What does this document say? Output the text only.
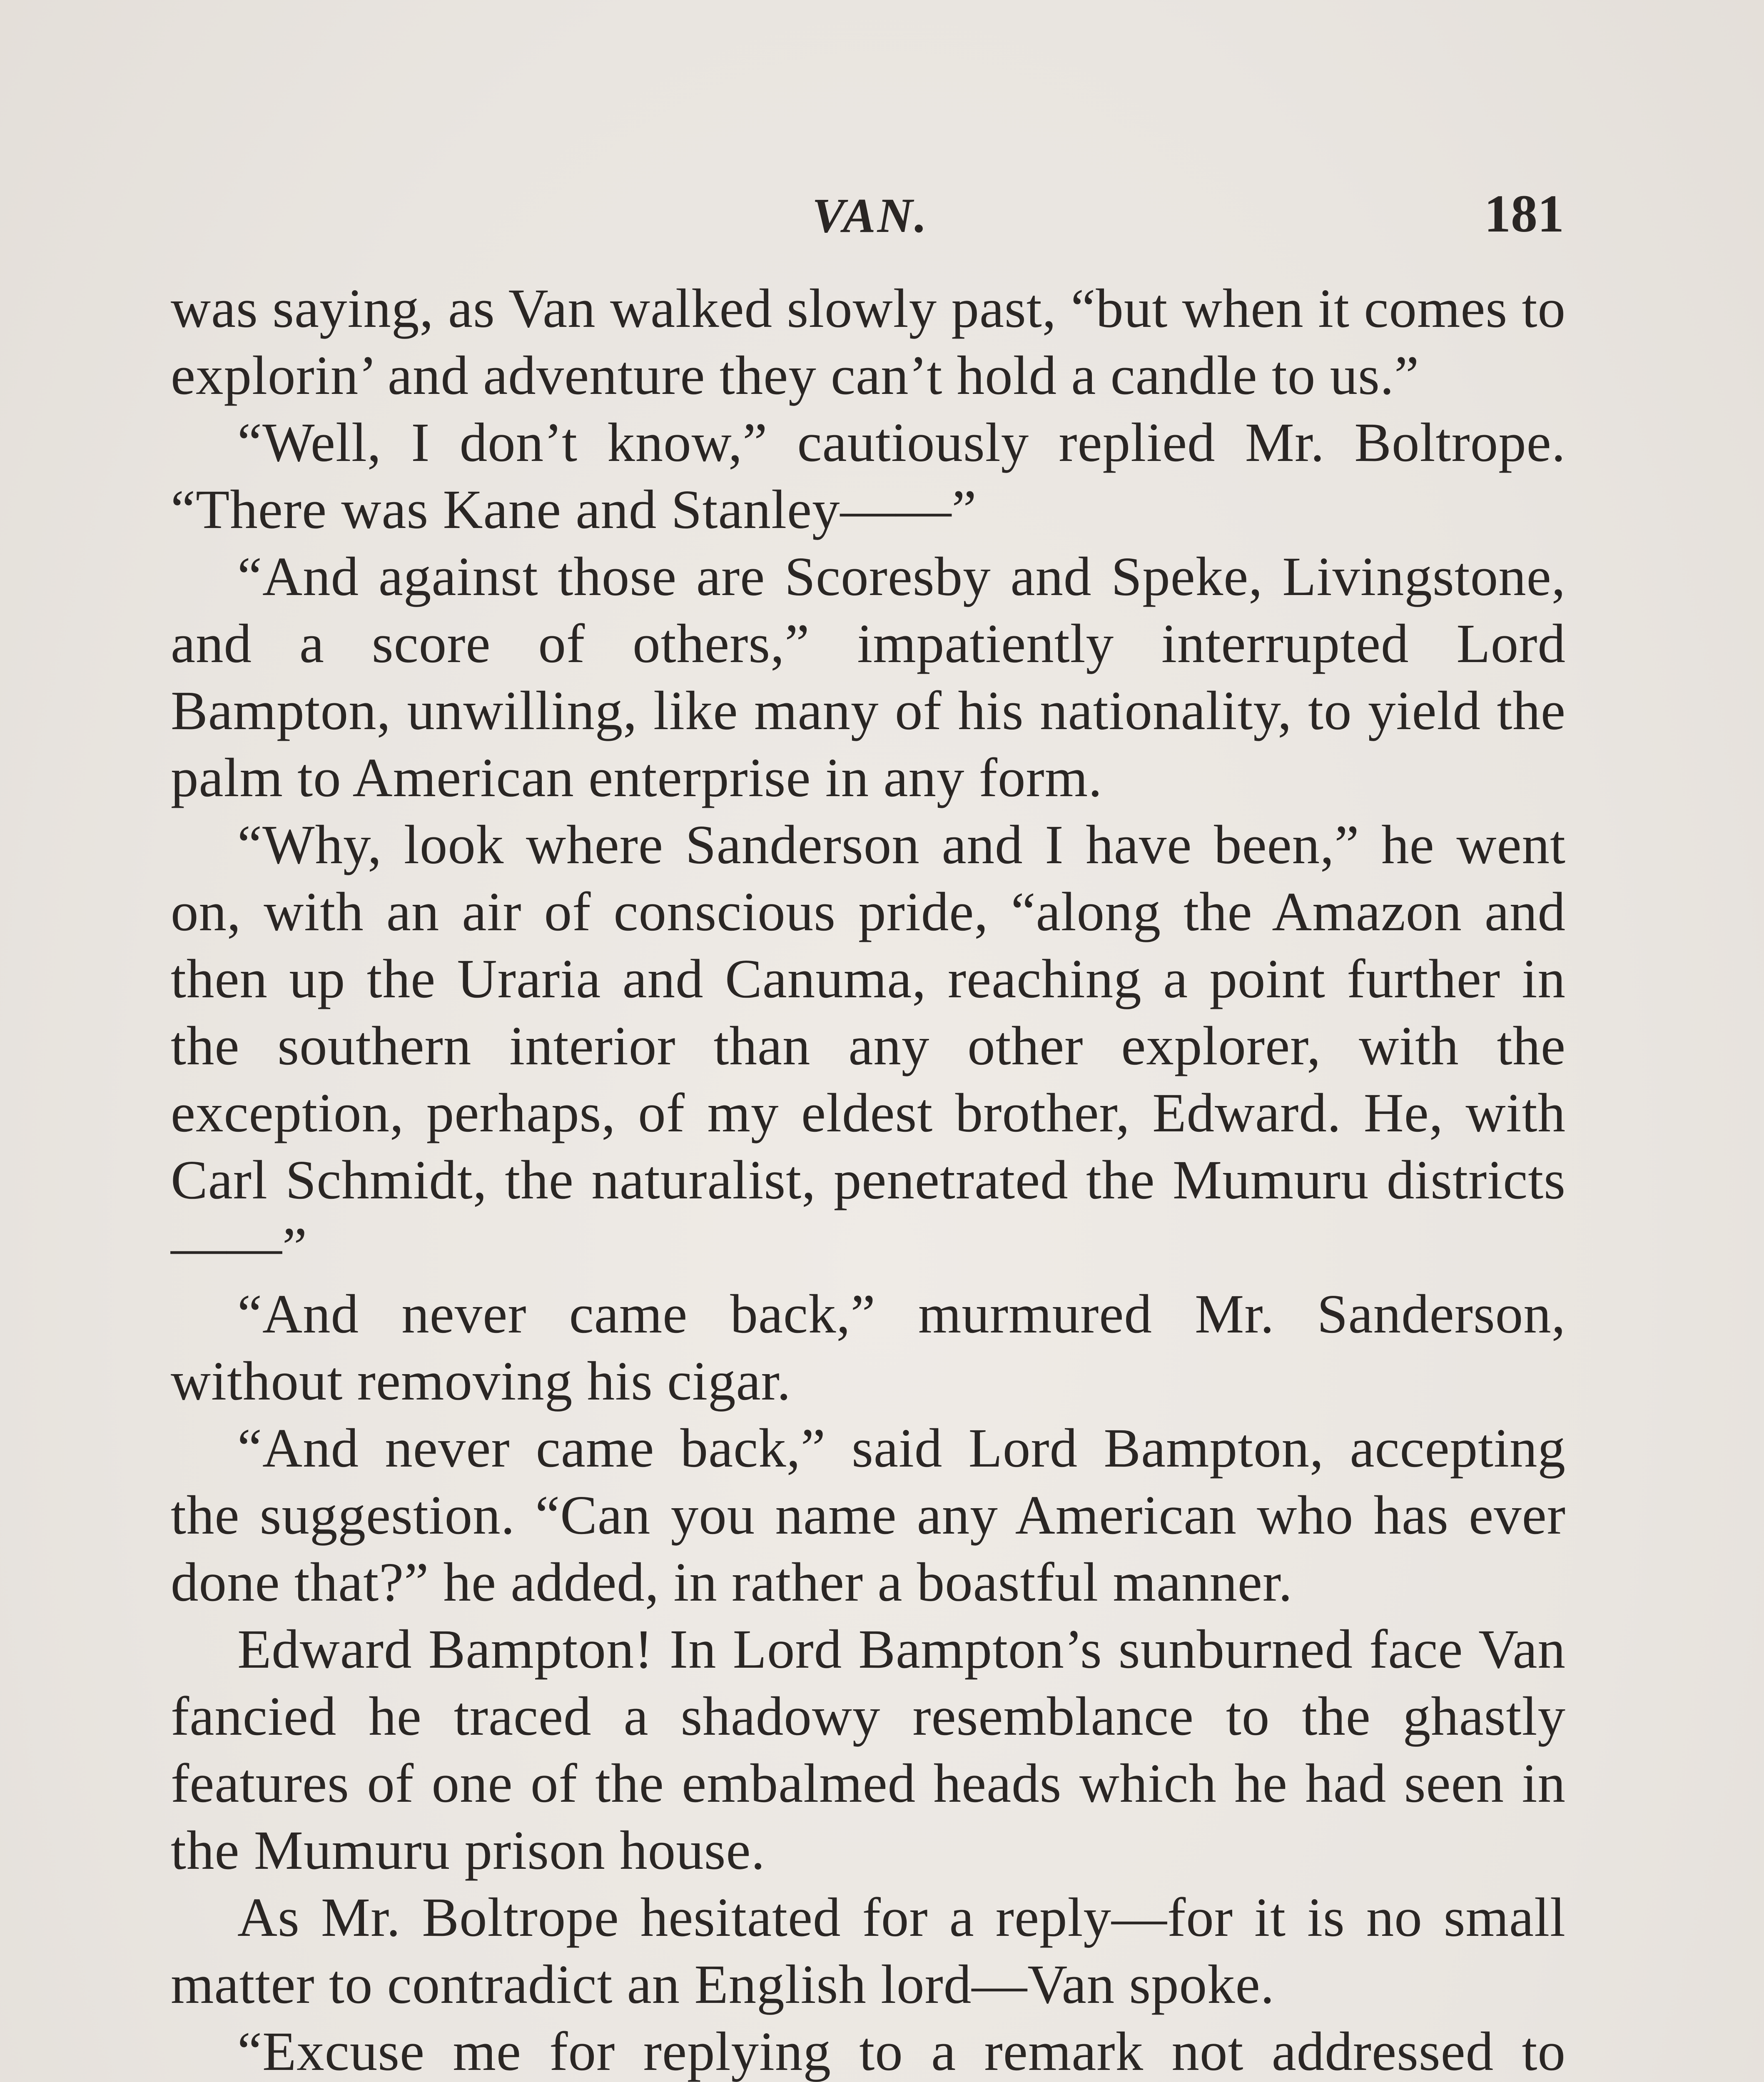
VAN.	181

was saying, as Van walked slowly past, “but when it comes to explorin’ and adventure they can’t hold a candle to us.”

“Well, I don’t know,” cautiously replied Mr. Boltrope. “There was Kane and Stanley——”

“And against those are Scoresby and Speke, Livingstone, and a score of others,” impatiently interrupted Lord Bampton, unwilling, like many of his nationality, to yield the palm to American enterprise in any form.

“Why, look where Sanderson and I have been,” he went on, with an air of conscious pride, “along the Amazon and then up the Uraria and Canuma, reaching a point further in the southern interior than any other explorer, with the exception, perhaps, of my eldest brother, Edward. He, with Carl Schmidt, the naturalist, penetrated the Mumuru districts——”

“And never came back,” murmured Mr. Sanderson, without removing his cigar.

“And never came back,” said Lord Bampton, accepting the suggestion. “Can you name any American who has ever done that?” he added, in rather a boastful manner.

Edward Bampton! In Lord Bampton’s sunburned face Van fancied he traced a shadowy resemblance to the ghastly features of one of the embalmed heads which he had seen in the Mumuru prison house.

As Mr. Boltrope hesitated for a reply—for it is no small matter to contradict an English lord—Van spoke.

“Excuse me for replying to a remark not addressed to
